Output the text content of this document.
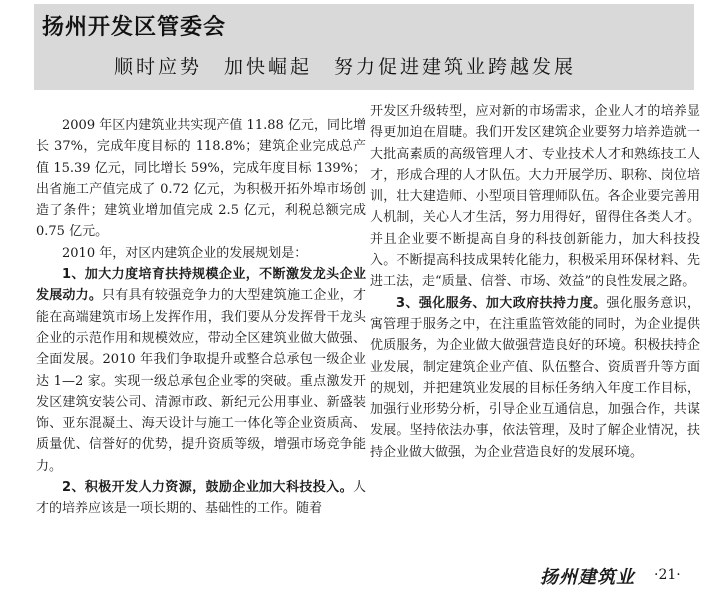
扬州开发区管委会
顺时应势　加快崛起　努力促进建筑业跨越发展

2009 年区内建筑业共实现产值 11.88 亿元，同比增长 37%，完成年度目标的 118.8%；建筑企业完成总产值 15.39 亿元，同比增长 59%，完成年度目标 139%；出省施工产值完成了 0.72 亿元，为积极开拓外埠市场创造了条件；建筑业增加值完成 2.5 亿元，利税总额完成 0.75 亿元。

2010 年，对区内建筑企业的发展规划是：

1、加大力度培育扶持规模企业，不断激发龙头企业发展动力。只有具有较强竞争力的大型建筑施工企业，才能在高端建筑市场上发挥作用，我们要从分发挥骨干龙头企业的示范作用和规模效应，带动全区建筑业做大做强、全面发展。2010 年我们争取提升或整合总承包一级企业达 1—2 家。实现一级总承包企业零的突破。重点激发开发区建筑安装公司、清源市政、新纪元公用事业、新盛装饰、亚东混凝土、海天设计与施工一体化等企业资质高、质量优、信誉好的优势，提升资质等级，增强市场竞争能力。

2、积极开发人力资源，鼓励企业加大科技投入。人才的培养应该是一项长期的、基础性的工作。随着

开发区升级转型，应对新的市场需求，企业人才的培养显得更加迫在眉睫。我们开发区建筑企业要努力培养造就一大批高素质的高级管理人才、专业技术人才和熟练技工人才，形成合理的人才队伍。大力开展学历、职称、岗位培训，壮大建造师、小型项目管理师队伍。各企业要完善用人机制，关心人才生活，努力用得好，留得住各类人才。并且企业要不断提高自身的科技创新能力，加大科技投入。不断提高科技成果转化能力，积极采用环保材料、先进工法，走“质量、信誉、市场、效益”的良性发展之路。

3、强化服务、加大政府扶持力度。强化服务意识，寓管理于服务之中，在注重监管效能的同时，为企业提供优质服务，为企业做大做强营造良好的环境。积极扶持企业发展，制定建筑企业产值、队伍整合、资质晋升等方面的规划，并把建筑业发展的目标任务纳入年度工作目标，加强行业形势分析，引导企业互通信息，加强合作，共谋发展。坚持依法办事，依法管理，及时了解企业情况，扶持企业做大做强，为企业营造良好的发展环境。

扬州建筑业 ·21·
